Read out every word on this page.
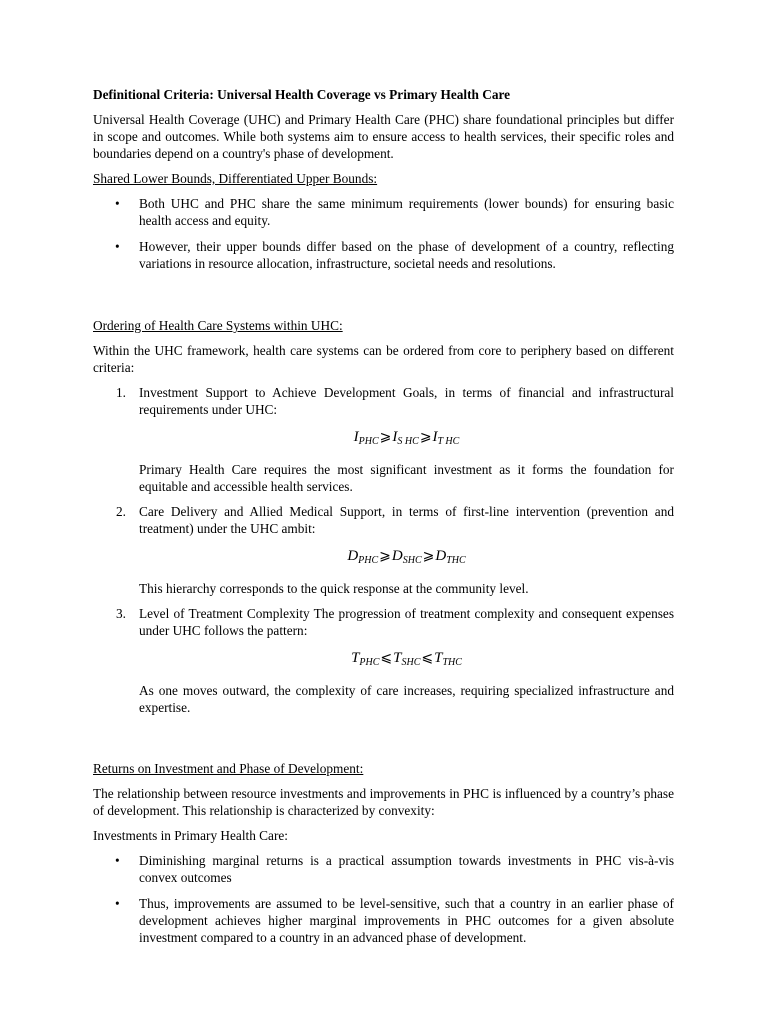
Definitional Criteria: Universal Health Coverage vs Primary Health Care

Universal Health Coverage (UHC) and Primary Health Care (PHC) share foundational principles but differ in scope and outcomes. While both systems aim to ensure access to health services, their specific roles and boundaries depend on a country's phase of development.

Shared Lower Bounds, Differentiated Upper Bounds:
• Both UHC and PHC share the same minimum requirements (lower bounds) for ensuring basic health access and equity.
• However, their upper bounds differ based on the phase of development of a country, reflecting variations in resource allocation, infrastructure, societal needs and resolutions.
Ordering of Health Care Systems within UHC:

Within the UHC framework, health care systems can be ordered from core to periphery based on different criteria:

1. Investment Support to Achieve Development Goals, in terms of financial and infrastructural requirements under UHC:

$I_{PHC}⩾I_{S HC}⩾I_{T HC}$

Primary Health Care requires the most significant investment as it forms the foundation for equitable and accessible health services.

2. Care Delivery and Allied Medical Support, in terms of first-line intervention (prevention and treatment) under the UHC ambit:

$D_{PHC}⩾D_{SHC}⩾D_{THC}$

This hierarchy corresponds to the quick response at the community level.

3. Level of Treatment Complexity The progression of treatment complexity and consequent expenses under UHC follows the pattern:

$T_{PHC}⩽T_{SHC}⩽T_{THC}$

As one moves outward, the complexity of care increases, requiring specialized infrastructure and expertise.

Returns on Investment and Phase of Development:

The relationship between resource investments and improvements in PHC is influenced by a country’s phase of development. This relationship is characterized by convexity:

Investments in Primary Health Care:

• Diminishing marginal returns is a practical assumption towards investments in PHC vis-à-vis convex outcomes
• Thus, improvements are assumed to be level-sensitive, such that a country in an earlier phase of development achieves higher marginal improvements in PHC outcomes for a given absolute investment compared to a country in an advanced phase of development.
